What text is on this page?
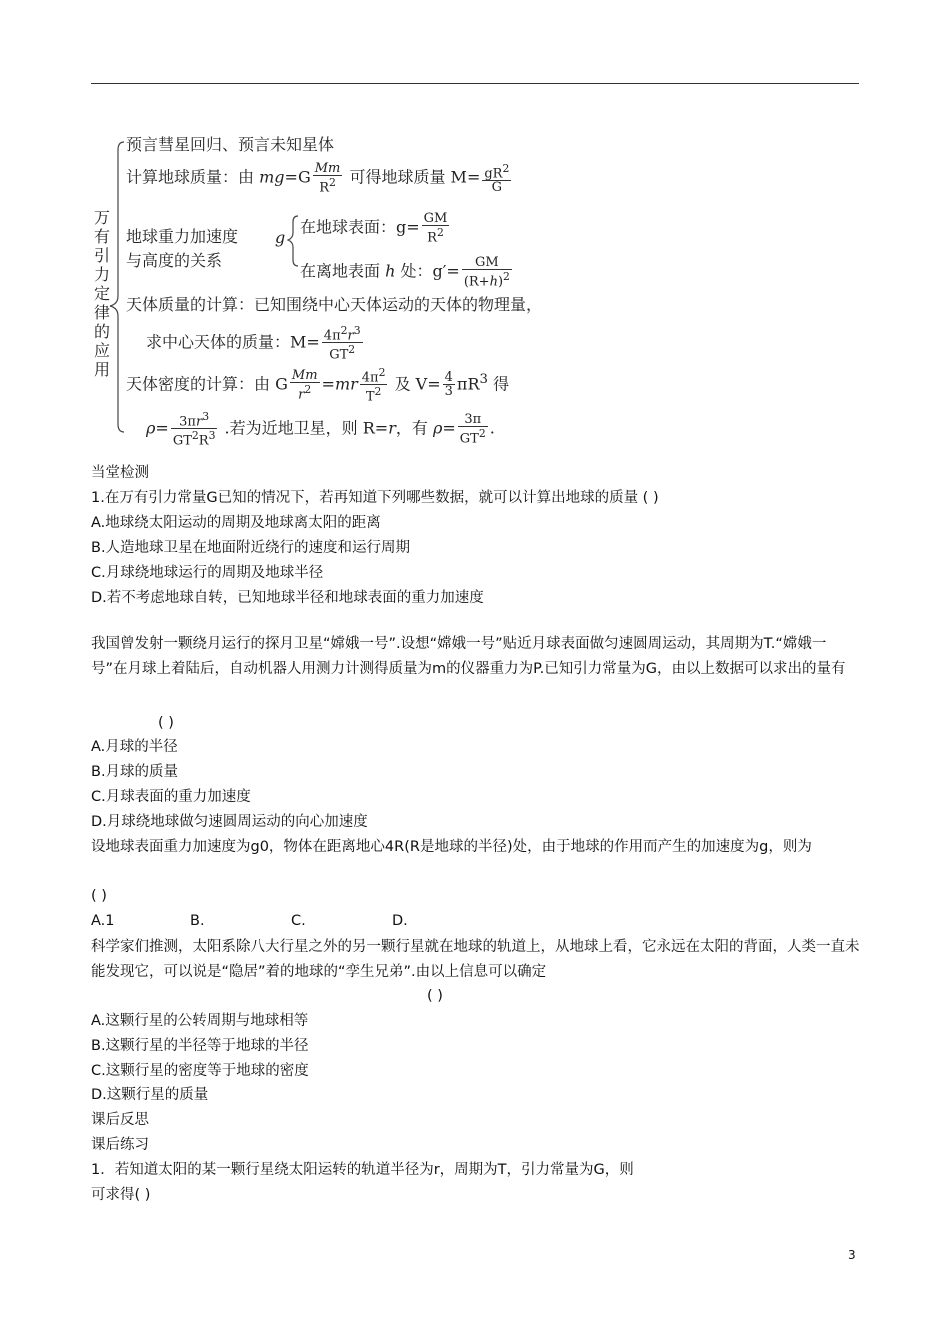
万有引力定律的应用
预言彗星回归、预言未知星体
计算地球质量：由 $mg=G \frac{Mm}{R^2}$ 可得地球质量 $M= \frac{gR^2}{G}$
地球重力加速度
与高度的关系
g
在地球表面：$g= \frac{GM}{R^2}$
在离地表面 h 处：$g'= \frac{GM}{(R+h)^2}$
天体质量的计算：已知围绕中心天体运动的天体的物理量，
求中心天体的质量：$M= \frac{4\pi^2r^3}{GT^2}$
天体密度的计算：由 G $\frac{Mm}{r^2} =mr \frac{4\pi^2}{T^2}$ 及 $V= \frac{4}{3} \pi R^3$ 得
$\rho= \frac{3\pi r^3}{GT^2R^3}$ .若为近地卫星，则 R=r，有 $\rho= \frac{3\pi}{GT^2}$ .
当堂检测
1.在万有引力常量G已知的情况下，若再知道下列哪些数据，就可以计算出地球的质量 ( )
A.地球绕太阳运动的周期及地球离太阳的距离
B.人造地球卫星在地面附近绕行的速度和运行周期
C.月球绕地球运行的周期及地球半径
D.若不考虑地球自转，已知地球半径和地球表面的重力加速度
我国曾发射一颗绕月运行的探月卫星“嫦娥一号”.设想“嫦娥一号”贴近月球表面做匀速圆周运动，其周期为T.“嫦娥一号”在月球上着陆后，自动机器人用测力计测得质量为m的仪器重力为P.已知引力常量为G，由以上数据可以求出的量有
( )
A.月球的半径
B.月球的质量
C.月球表面的重力加速度
D.月球绕地球做匀速圆周运动的向心加速度
设地球表面重力加速度为g0，物体在距离地心4R(R是地球的半径)处，由于地球的作用而产生的加速度为g，则为
( )
A.1	B.	C.	D.
科学家们推测，太阳系除八大行星之外的另一颗行星就在地球的轨道上，从地球上看，它永远在太阳的背面，人类一直未能发现它，可以说是“隐居”着的地球的“孪生兄弟”.由以上信息可以确定
( )
A.这颗行星的公转周期与地球相等
B.这颗行星的半径等于地球的半径
C.这颗行星的密度等于地球的密度
D.这颗行星的质量
课后反思
课后练习
1．若知道太阳的某一颗行星绕太阳运转的轨道半径为r，周期为T，引力常量为G，则
可求得( )
3
